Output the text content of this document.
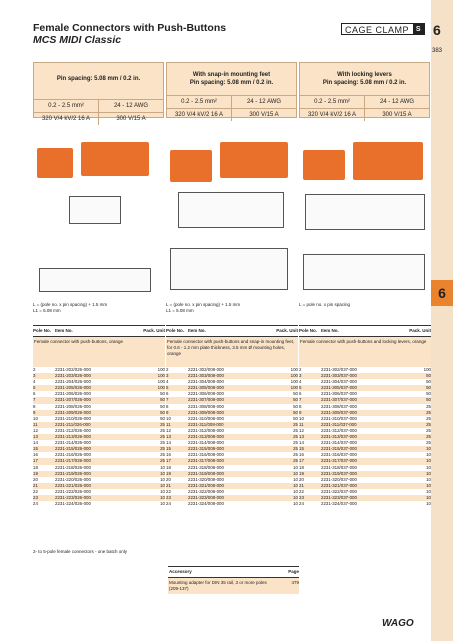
Female Connectors with Push-Buttons
MCS MIDI Classic
CAGE CLAMP S 6
383
6
Pin spacing: 5.08 mm / 0.2 in.
0.2 - 2.5 mm²	24 - 12 AWG
320 V/4 kV/2 16 A	300 V/15 A
With snap-in mounting feet
Pin spacing: 5.08 mm / 0.2 in.
0.2 - 2.5 mm²	24 - 12 AWG
320 V/4 kV/2 16 A	300 V/15 A
With locking levers
Pin spacing: 5.08 mm / 0.2 in.
0.2 - 2.5 mm²	24 - 12 AWG
320 V/4 kV/2 16 A	300 V/15 A
L = (pole no. x pin spacing) + 1.5 mm
L1 = 5.08 mm
L = (pole no. x pin spacing) + 1.5 mm
L1 = 5.08 mm
L = pole no. x pin spacing
Pole No. Item No.	Pack. Unit
Female connector with push-buttons, orange
2	2231-202/026-000	100
3	2231-203/026-000	100
4	2231-204/026-000	100
5	2231-205/026-000	100
6	2231-206/026-000	50
7	2231-207/026-000	50
8	2231-208/026-000	50
9	2231-209/026-000	50
10	2231-210/026-000	50
11	2231-211/026-000	25
12	2231-212/026-000	25
13	2231-213/026-000	25
14	2231-214/026-000	25
15	2231-215/026-000	25
16	2231-216/026-000	25
17	2231-217/026-000	25
18	2231-218/026-000	10
19	2231-219/026-000	10
20	2231-220/026-000	10
21	2231-221/026-000	10
22	2231-222/026-000	10
23	2231-223/026-000	10
24	2231-224/026-000	10
Pole No. Item No.	Pack. Unit
Female connector with push-buttons and snap-in mounting feet, for 0.6 - 1.2 mm plate thickness, 3.5 mm Ø mounting holes, orange
2	2231-302/008-000	100
3	2231-303/008-000	100
4	2231-304/008-000	100
5	2231-305/008-000	100
6	2231-306/008-000	50
7	2231-307/008-000	50
8	2231-308/008-000	50
9	2231-309/008-000	50
10	2231-310/008-000	50
11	2231-311/008-000	25
12	2231-312/008-000	25
13	2231-313/008-000	25
14	2231-314/008-000	25
15	2231-315/008-000	25
16	2231-316/008-000	25
17	2231-317/008-000	25
18	2231-318/008-000	10
19	2231-319/008-000	10
20	2231-320/008-000	10
21	2231-321/008-000	10
22	2231-322/008-000	10
23	2231-323/008-000	10
24	2231-324/008-000	10
Pole No. Item No.	Pack. Unit
Female connector with push-buttons and locking levers, orange
2	2231-302/037-000	100
3	2231-303/037-000	50
4	2231-304/037-000	50
5	2231-305/037-000	50
6	2231-306/037-000	50
7	2231-307/037-000	50
8	2231-308/037-000	25
9	2231-309/037-000	25
10	2231-310/037-000	25
11	2231-311/037-000	25
12	2231-312/037-000	25
13	2231-313/037-000	25
14	2231-314/037-000	25
15	2231-315/037-000	10
16	2231-316/037-000	10
17	2231-317/037-000	10
18	2231-318/037-000	10
19	2231-319/037-000	10
20	2231-320/037-000	10
21	2231-321/037-000	10
22	2231-322/037-000	10
23	2231-323/037-000	10
24	2231-324/037-000	10
2- to 5-pole female connectors - one batch only
Accessory	Page
Mounting adapter for DIN 35 rail, 3 or more poles (209-137)
479
WAGO
